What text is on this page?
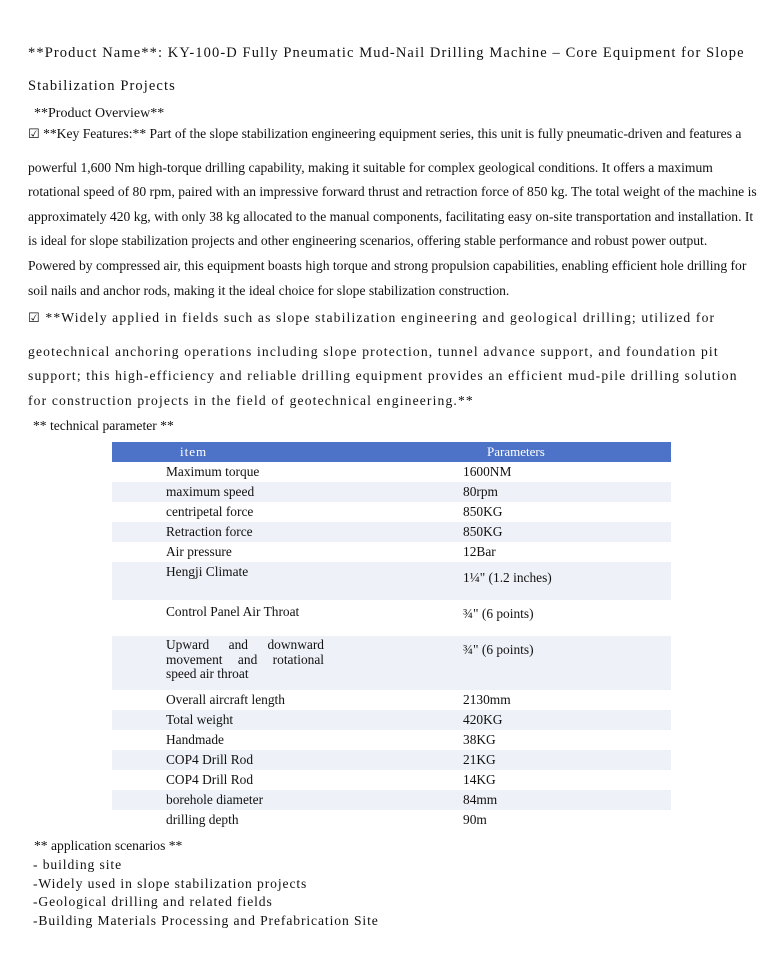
**Product Name**: KY-100-D Fully Pneumatic Mud-Nail Drilling Machine – Core Equipment for Slope
Stabilization Projects
**Product Overview**
☑ **Key Features:** Part of the slope stabilization engineering equipment series, this unit is fully pneumatic-driven and features a
powerful 1,600 Nm high-torque drilling capability, making it suitable for complex geological conditions. It offers a maximum rotational speed of 80 rpm, paired with an impressive forward thrust and retraction force of 850 kg. The total weight of the machine is approximately 420 kg, with only 38 kg allocated to the manual components, facilitating easy on-site transportation and installation. It is ideal for slope stabilization projects and other engineering scenarios, offering stable performance and robust power output. Powered by compressed air, this equipment boasts high torque and strong propulsion capabilities, enabling efficient hole drilling for soil nails and anchor rods, making it the ideal choice for slope stabilization construction.
☑ **Widely applied in fields such as slope stabilization engineering and geological drilling; utilized for
geotechnical anchoring operations including slope protection, tunnel advance support, and foundation pit support; this high-efficiency and reliable drilling equipment provides an efficient mud-pile drilling solution for construction projects in the field of geotechnical engineering.**
** technical parameter **
item	Parameters
Maximum torque	1600NM
maximum speed	80rpm
centripetal force	850KG
Retraction force	850KG
Air pressure	12Bar
Hengji Climate	1¼" (1.2 inches)
Control Panel Air Throat	¾" (6 points)

Upward and downward movement and rotational speed air throat	¾" (6 points)
Overall aircraft length	2130mm
Total weight	420KG
Handmade	38KG
COP4 Drill Rod	21KG
COP4 Drill Rod	14KG
borehole diameter	84mm
drilling depth	90m
** application scenarios **
- building site
-Widely used in slope stabilization projects
-Geological drilling and related fields
-Building Materials Processing and Prefabrication Site
